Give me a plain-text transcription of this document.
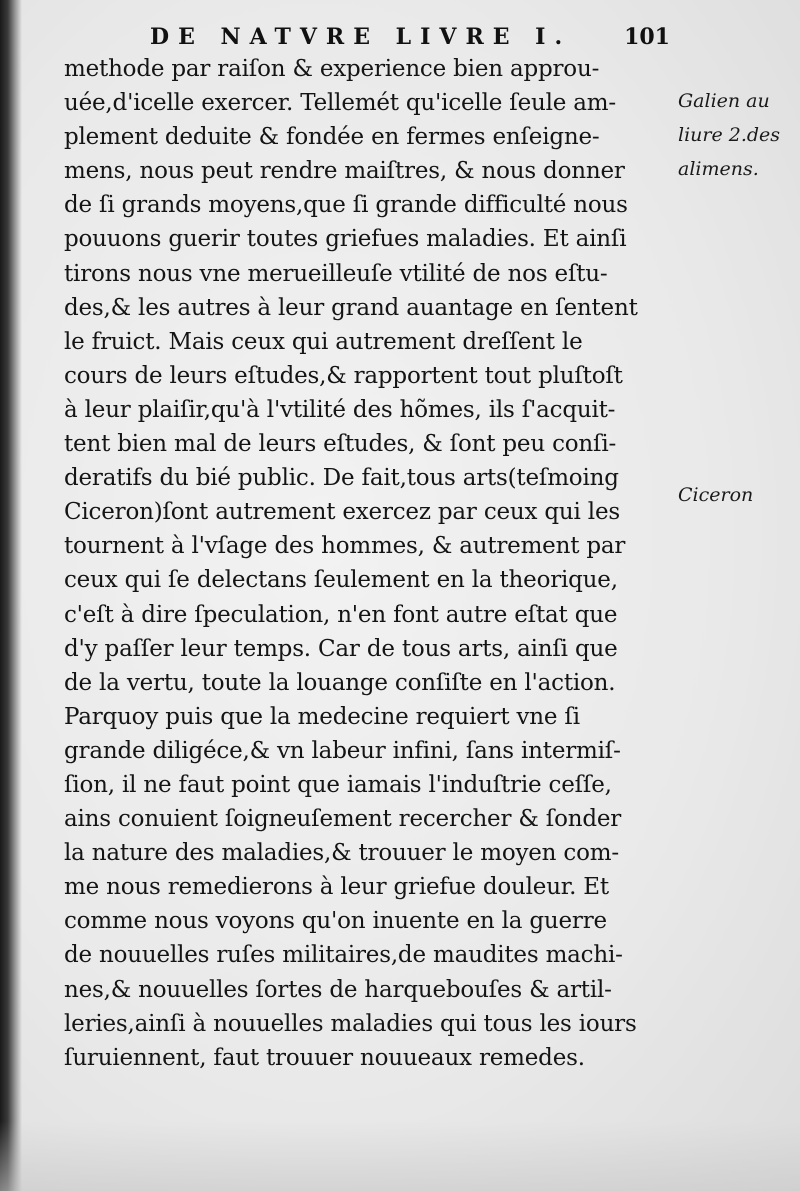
DE NATVRE LIVRE I. 101
methode par raiſon & experience bien approu-
uée,d'icelle exercer. Tellemét qu'icelle ſeule am-
plement deduite & fondée en fermes enſeigne-
mens, nous peut rendre maiſtres, & nous donner
de ſi grands moyens,que ſi grande difficulté nous
pouuons guerir toutes griefues maladies. Et ainſi
tirons nous vne merueilleuſe vtilité de nos eſtu-
des,& les autres à leur grand auantage en ſentent
le fruict. Mais ceux qui autrement dreſſent le
cours de leurs eſtudes,& rapportent tout pluſtoſt
à leur plaiſir,qu'à l'vtilité des hõmes, ils ſ'acquit-
tent bien mal de leurs eſtudes, & ſont peu conſi-
deratifs du bié public. De fait,tous arts(teſmoing
Ciceron)ſont autrement exercez par ceux qui les
tournent à l'vſage des hommes, & autrement par
ceux qui ſe delectans ſeulement en la theorique,
c'eſt à dire ſpeculation, n'en font autre eſtat que
d'y paſſer leur temps. Car de tous arts, ainſi que
de la vertu, toute la louange conſiſte en l'action.
Parquoy puis que la medecine requiert vne ſi
grande diligéce,& vn labeur infini, ſans intermiſ-
ſion, il ne faut point que iamais l'induſtrie ceſſe,
ains conuient ſoigneuſement recercher & ſonder
la nature des maladies,& trouuer le moyen com-
me nous remedierons à leur griefue douleur. Et
comme nous voyons qu'on inuente en la guerre
de nouuelles ruſes militaires,de maudites machi-
nes,& nouuelles ſortes de harquebouſes & artil-
leries,ainſi à nouuelles maladies qui tous les iours
ſuruiennent, faut trouuer nouueaux remedes.
Galien au
liure 2.des
alimens.
Ciceron
